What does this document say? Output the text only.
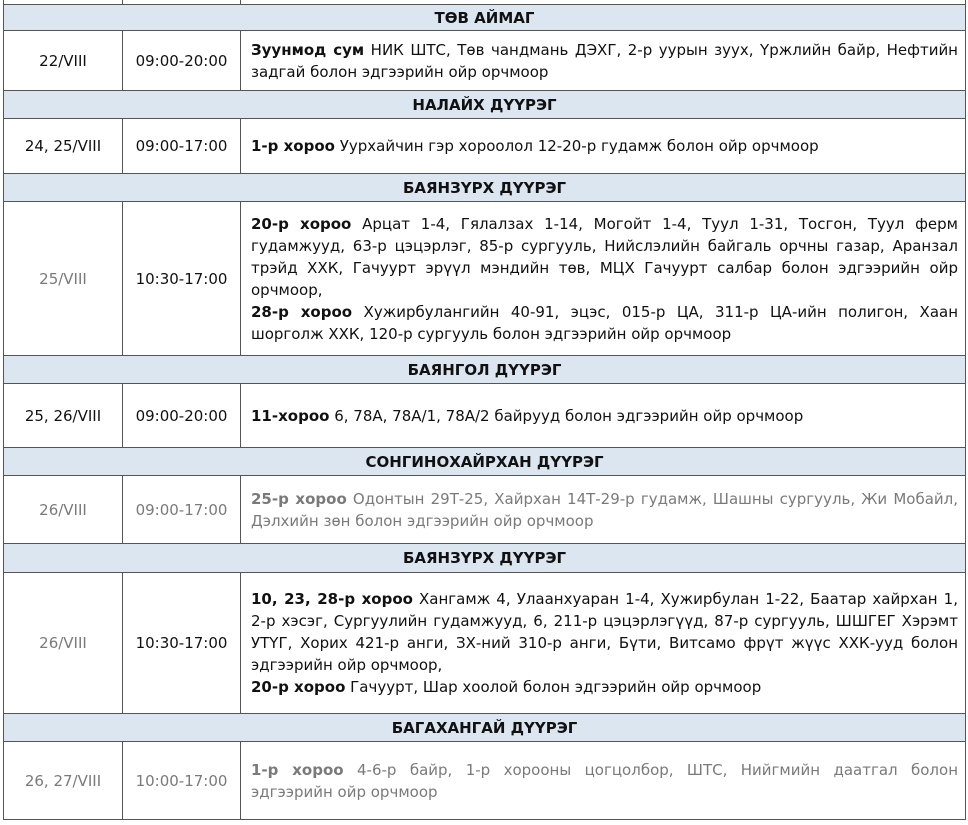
ТӨВ АЙМАГ		
22/VIII	09:00-20:00	Зуунмод сум НИК ШТС, Төв чандмань ДЭХГ, 2-р уурын зуух, Үржлийн байр, Нефтийн задгай болон эдгээрийн ойр орчмоор
НАЛАЙХ ДҮҮРЭГ		
24, 25/VIII	09:00-17:00	1-р хороо Уурхайчин гэр хороолол 12-20-р гудамж болон ойр орчмоор
БАЯНЗҮРХ ДҮҮРЭГ		
25/VIII	10:30-17:00	20-р хороо Арцат 1-4, Гялалзах 1-14, Могойт 1-4, Туул 1-31, Тосгон, Туул ферм гудамжууд, 63-р цэцэрлэг, 85-р сургууль, Нийслэлийн байгаль орчны газар, Аранзал трэйд ХХК, Гачуурт эрүүл мэндийн төв, МЦХ Гачуурт салбар болон эдгээрийн ойр орчмоор,
28-р хороо Хужирбулангийн 40-91, эцэс, 015-р ЦА, 311-р ЦА-ийн полигон, Хаан шорголж ХХК, 120-р сургууль болон эдгээрийн ойр орчмоор

БАЯНГОЛ ДҮҮРЭГ		
25, 26/VIII	09:00-20:00	11-хороо 6, 78А, 78А/1, 78А/2 байрууд болон эдгээрийн ойр орчмоор
СОНГИНОХАЙРХАН ДҮҮРЭГ		
26/VIII	09:00-17:00	25-р хороо Одонтын 29Т-25, Хайрхан 14Т-29-р гудамж, Шашны сургууль, Жи Мобайл, Дэлхийн зөн болон эдгээрийн ойр орчмоор
БАЯНЗҮРХ ДҮҮРЭГ		
26/VIII	10:30-17:00	10, 23, 28-р хороо Хангамж 4, Улаанхуаран 1-4, Хужирбулан 1-22, Баатар хайрхан 1, 2-р хэсэг, Сургуулийн гудамжууд, 6, 211-р цэцэрлэгүүд, 87-р сургууль, ШШГЕГ Хэрэмт УТҮГ, Хорих 421-р анги, ЗХ-ний 310-р анги, Бүти, Витсамо фрүт жүүс ХХК-ууд болон эдгээрийн ойр орчмоор,
20-р хороо Гачуурт, Шар хоолой болон эдгээрийн ойр орчмоор

БАГАХАНГАЙ ДҮҮРЭГ		
26, 27/VIII	10:00-17:00	1-р хороо 4-6-р байр, 1-р хорооны цогцолбор, ШТС, Нийгмийн даатгал болон эдгээрийн ойр орчмоор
